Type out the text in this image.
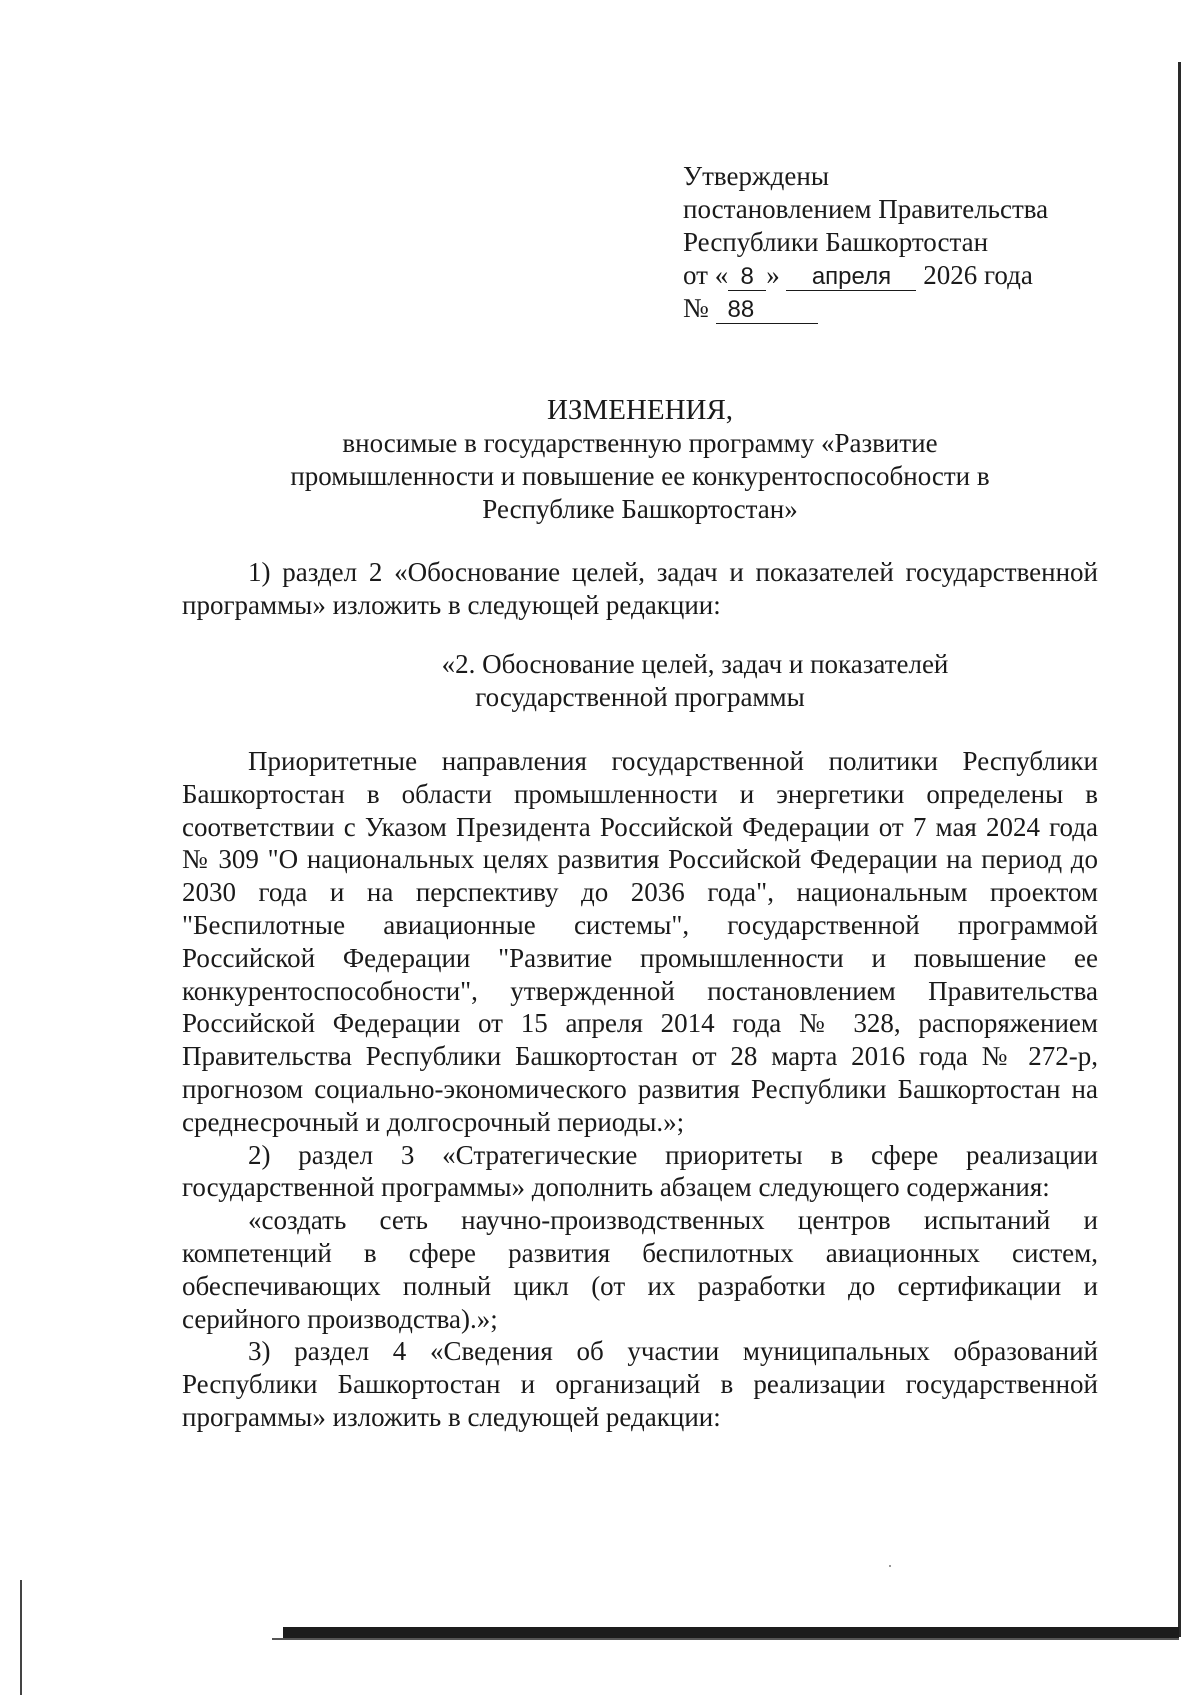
Утверждены
постановлением Правительства
Республики Башкортостан
от « 8 » апреля 2026 года
№ 88
ИЗМЕНЕНИЯ,
вносимые в государственную программу «Развитие
промышленности и повышение ее конкурентоспособности в
Республике Башкортостан»

1) раздел 2 «Обоснование целей, задач и показателей государственной программы» изложить в следующей редакции:

«2. Обоснование целей, задач и показателей
государственной программы

Приоритетные направления государственной политики Республики Башкортостан в области промышленности и энергетики определены в соответствии с Указом Президента Российской Федерации от 7 мая 2024 года № 309 "О национальных целях развития Российской Федерации на период до 2030 года и на перспективу до 2036 года", национальным проектом "Беспилотные авиационные системы", государственной программой Российской Федерации "Развитие промышленности и повышение ее конкурентоспособности", утвержденной постановлением Правительства Российской Федерации от 15 апреля 2014 года № 328, распоряжением Правительства Республики Башкортостан от 28 марта 2016 года № 272-р, прогнозом социально-экономического развития Республики Башкортостан на среднесрочный и долгосрочный периоды.»;

2) раздел 3 «Стратегические приоритеты в сфере реализации государственной программы» дополнить абзацем следующего содержания:

«создать сеть научно-производственных центров испытаний и компетенций в сфере развития беспилотных авиационных систем, обеспечивающих полный цикл (от их разработки до сертификации и серийного производства).»;

3) раздел 4 «Сведения об участии муниципальных образований Республики Башкортостан и организаций в реализации государственной программы» изложить в следующей редакции:
